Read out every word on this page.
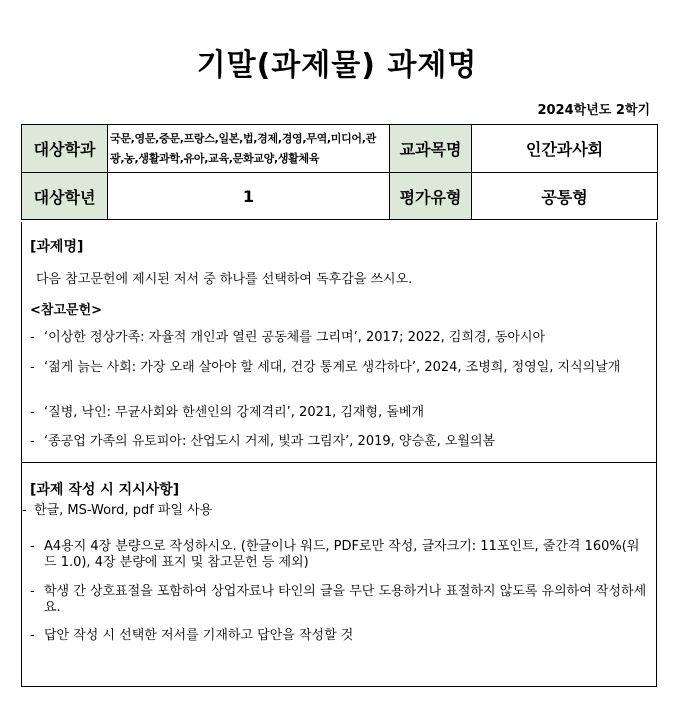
기말(과제물) 과제명
2024학년도 2학기
대상학과	국문,영문,중문,프랑스,일본,법,경제,경영,무역,미디어,관광,농,생활과학,유아,교육,문화교양,생활체육	교과목명	인간과사회
대상학년	1	평가유형	공통형
[과제명]
다음 참고문헌에 제시된 저서 중 하나를 선택하여 독후감을 쓰시오.
<참고문헌>
- ‘이상한 정상가족: 자율적 개인과 열린 공동체를 그리며’, 2017; 2022, 김희경, 동아시아
- ‘젊게 늙는 사회: 가장 오래 살아야 할 세대, 건강 통계로 생각하다’, 2024, 조병희, 정영일, 지식의날개
- ‘질병, 낙인: 무균사회와 한센인의 강제격리’, 2021, 김재형, 돌베개
- ‘종공업 가족의 유토피아: 산업도시 거제, 빛과 그림자’, 2019, 양승훈, 오월의봄
[과제 작성 시 지시사항]
- 한글, MS-Word, pdf 파일 사용
- A4용지 4장 분량으로 작성하시오. (한글이나 워드, PDF로만 작성, 글자크기: 11포인트, 줄간격 160%(워드 1.0), 4장 분량에 표지 및 참고문헌 등 제외)
- 학생 간 상호표절을 포함하여 상업자료나 타인의 글을 무단 도용하거나 표절하지 않도록 유의하여 작성하세요.
- 답안 작성 시 선택한 저서를 기재하고 답안을 작성할 것
